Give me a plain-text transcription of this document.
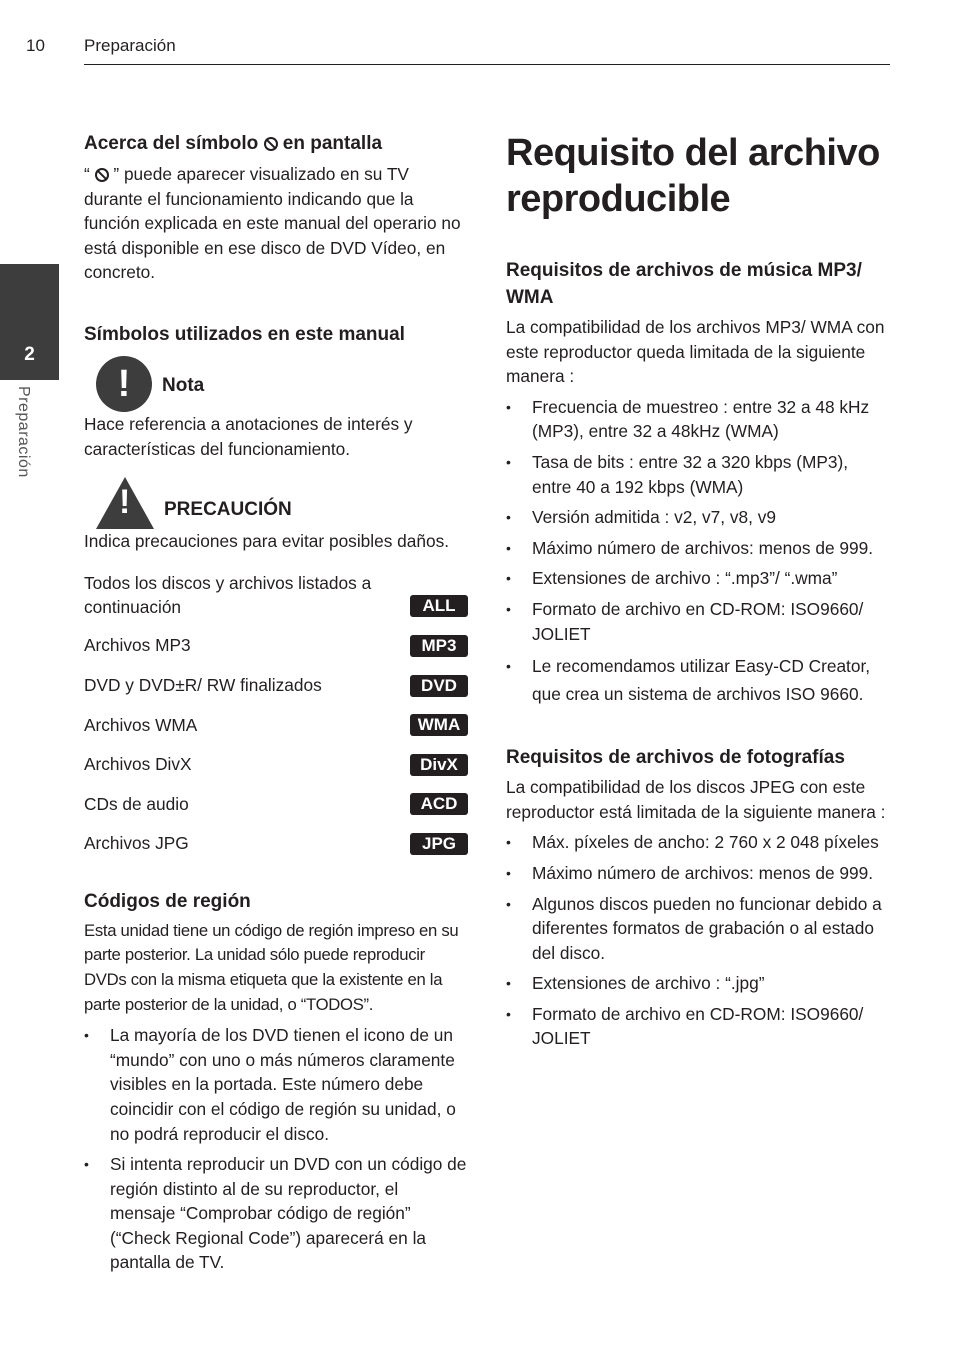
10 Preparación
2
Preparación
Acerca del símbolo en pantalla

“ ” puede aparecer visualizado en su TV durante el funcionamiento indicando que la función explicada en este manual del operario no está disponible en ese disco de DVD Vídeo, en concreto.

Símbolos utilizados en este manual
!	Nota

Hace referencia a anotaciones de interés y características del funcionamiento.

! PRECAUCIÓN

Indica precauciones para evitar posibles daños.

Todos los discos y archivos listados a continuación	ALL

Archivos MP3	MP3

DVD y DVD±R/ RW finalizados	DVD

Archivos WMA	WMA

Archivos DivX	DivX

CDs de audio	ACD

Archivos JPG	JPG
Códigos de región

Esta unidad tiene un código de región impreso en su parte posterior. La unidad sólo puede reproducir DVDs con la misma etiqueta que la existente en la parte posterior de la unidad, o “TODOS”.

• La mayoría de los DVD tienen el icono de un “mundo” con uno o más números claramente visibles en la portada. Este número debe coincidir con el código de región su unidad, o no podrá reproducir el disco.
• Si intenta reproducir un DVD con un código de región distinto al de su reproductor, el mensaje “Comprobar código de región” (“Check Regional Code”) aparecerá en la pantalla de TV.
Requisito del archivo reproducible
Requisitos de archivos de música MP3/ WMA

La compatibilidad de los archivos MP3/ WMA con este reproductor queda limitada de la siguiente manera :

• Frecuencia de muestreo : entre 32 a 48 kHz (MP3), entre 32 a 48kHz (WMA)
• Tasa de bits : entre 32 a 320 kbps (MP3), entre 40 a 192 kbps (WMA)
• Versión admitida : v2, v7, v8, v9
• Máximo número de archivos: menos de 999.
• Extensiones de archivo : “.mp3”/ “.wma”
• Formato de archivo en CD-ROM: ISO9660/ JOLIET
• Le recomendamos utilizar Easy-CD Creator, que crea un sistema de archivos ISO 9660.
Requisitos de archivos de fotografías

La compatibilidad de los discos JPEG con este reproductor está limitada de la siguiente manera :

• Máx. píxeles de ancho: 2 760 x 2 048 píxeles
• Máximo número de archivos: menos de 999.
• Algunos discos pueden no funcionar debido a diferentes formatos de grabación o al estado del disco.
• Extensiones de archivo : “.jpg”
• Formato de archivo en CD-ROM: ISO9660/ JOLIET
